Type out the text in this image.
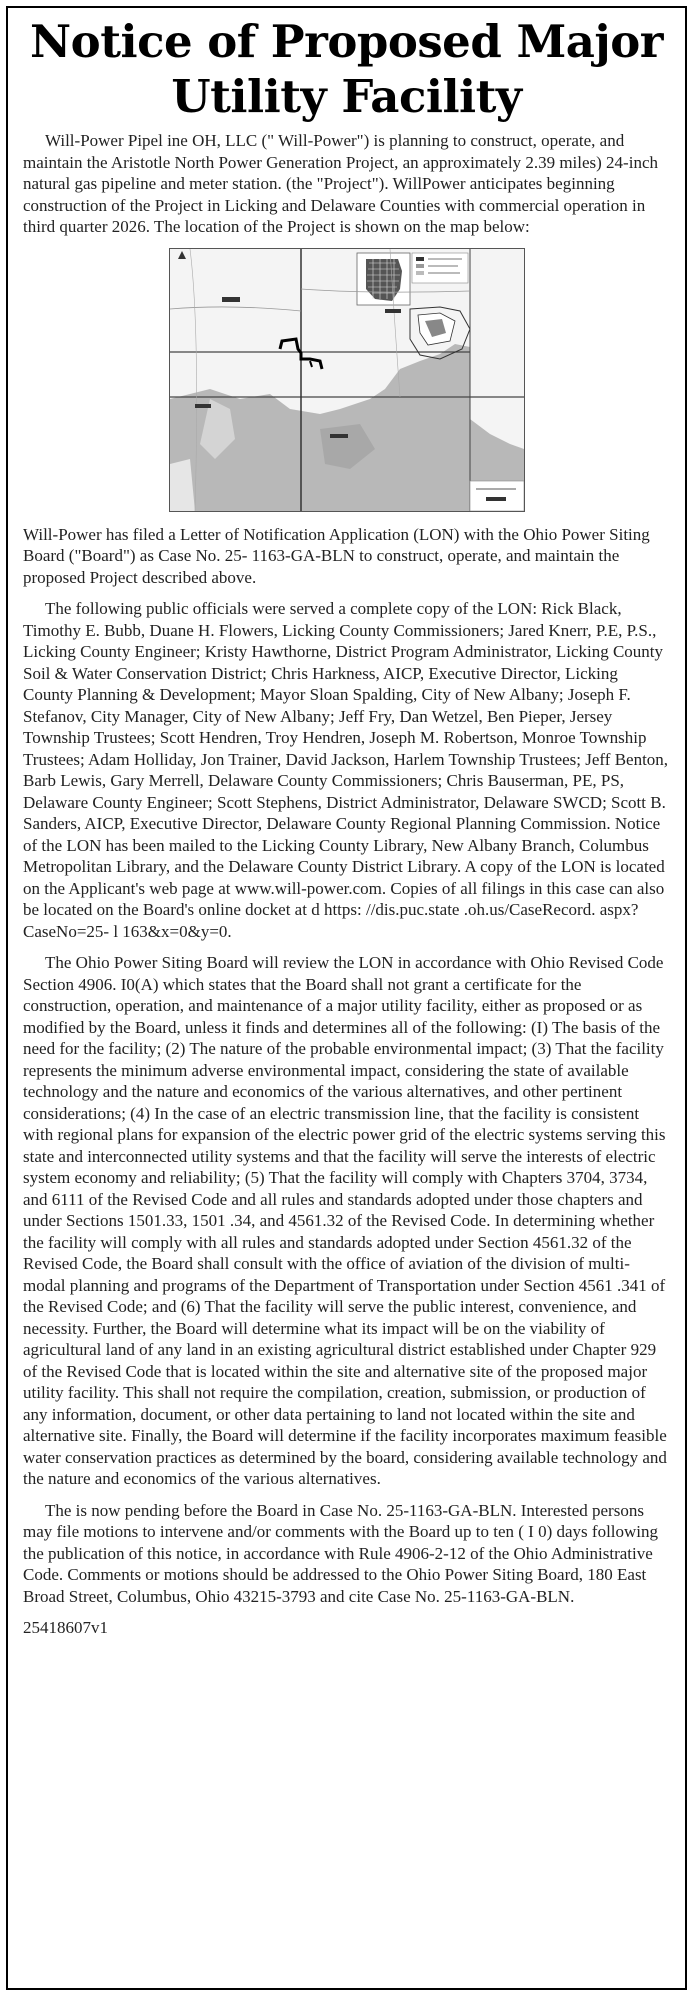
Notice of Proposed Major Utility Facility

Will-Power Pipel ine OH, LLC (" Will-Power") is planning to construct, operate, and maintain the Aristotle North Power Generation Project, an approximately 2.39 miles) 24-inch natural gas pipeline and meter station. (the "Project"). WillPower anticipates beginning construction of the Project in Licking and Delaware Counties with commercial operation in third quarter 2026. The location of the Project is shown on the map below:

Will-Power has filed a Letter of Notification Application (LON) with the Ohio Power Siting Board ("Board") as Case No. 25- 1163-GA-BLN to construct, operate, and maintain the proposed Project described above.

The following public officials were served a complete copy of the LON: Rick Black, Timothy E. Bubb, Duane H. Flowers, Licking County Commissioners; Jared Knerr, P.E, P.S., Licking County Engineer; Kristy Hawthorne, District Program Administrator, Licking County Soil & Water Conservation District; Chris Harkness, AICP, Executive Director, Licking County Planning & Development; Mayor Sloan Spalding, City of New Albany; Joseph F. Stefanov, City Manager, City of New Albany; Jeff Fry, Dan Wetzel, Ben Pieper, Jersey Township Trustees; Scott Hendren, Troy Hendren, Joseph M. Robertson, Monroe Township Trustees; Adam Holliday, Jon Trainer, David Jackson, Harlem Township Trustees; Jeff Benton, Barb Lewis, Gary Merrell, Delaware County Commissioners; Chris Bauserman, PE, PS, Delaware County Engineer; Scott Stephens, District Administrator, Delaware SWCD; Scott B. Sanders, AICP, Executive Director, Delaware County Regional Planning Commission. Notice of the LON has been mailed to the Licking County Library, New Albany Branch, Columbus Metropolitan Library, and the Delaware County District Library. A copy of the LON is located on the Applicant's web page at www.will-power.com. Copies of all filings in this case can also be located on the Board's online docket at d https: //dis.puc.state .oh.us/CaseRecord. aspx?CaseNo=25- l 163&x=0&y=0.

The Ohio Power Siting Board will review the LON in accordance with Ohio Revised Code Section 4906. I0(A) which states that the Board shall not grant a certificate for the construction, operation, and maintenance of a major utility facility, either as proposed or as modified by the Board, unless it finds and determines all of the following: (I) The basis of the need for the facility; (2) The nature of the probable environmental impact; (3) That the facility represents the minimum adverse environmental impact, considering the state of available technology and the nature and economics of the various alternatives, and other pertinent considerations; (4) In the case of an electric transmission line, that the facility is consistent with regional plans for expansion of the electric power grid of the electric systems serving this state and interconnected utility systems and that the facility will serve the interests of electric system economy and reliability; (5) That the facility will comply with Chapters 3704, 3734, and 6111 of the Revised Code and all rules and standards adopted under those chapters and under Sections 1501.33, 1501 .34, and 4561.32 of the Revised Code. In determining whether the facility will comply with all rules and standards adopted under Section 4561.32 of the Revised Code, the Board shall consult with the office of aviation of the division of multi-modal planning and programs of the Department of Transportation under Section 4561 .341 of the Revised Code; and (6) That the facility will serve the public interest, convenience, and necessity. Further, the Board will determine what its impact will be on the viability of agricultural land of any land in an existing agricultural district established under Chapter 929 of the Revised Code that is located within the site and alternative site of the proposed major utility facility. This shall not require the compilation, creation, submission, or production of any information, document, or other data pertaining to land not located within the site and alternative site. Finally, the Board will determine if the facility incorporates maximum feasible water conservation practices as determined by the board, considering available technology and the nature and economics of the various alternatives.

The is now pending before the Board in Case No. 25-1163-GA-BLN. Interested persons may file motions to intervene and/or comments with the Board up to ten ( I 0) days following the publication of this notice, in accordance with Rule 4906-2-12 of the Ohio Administrative Code. Comments or motions should be addressed to the Ohio Power Siting Board, 180 East Broad Street, Columbus, Ohio 43215-3793 and cite Case No. 25-1163-GA-BLN.

25418607v1
